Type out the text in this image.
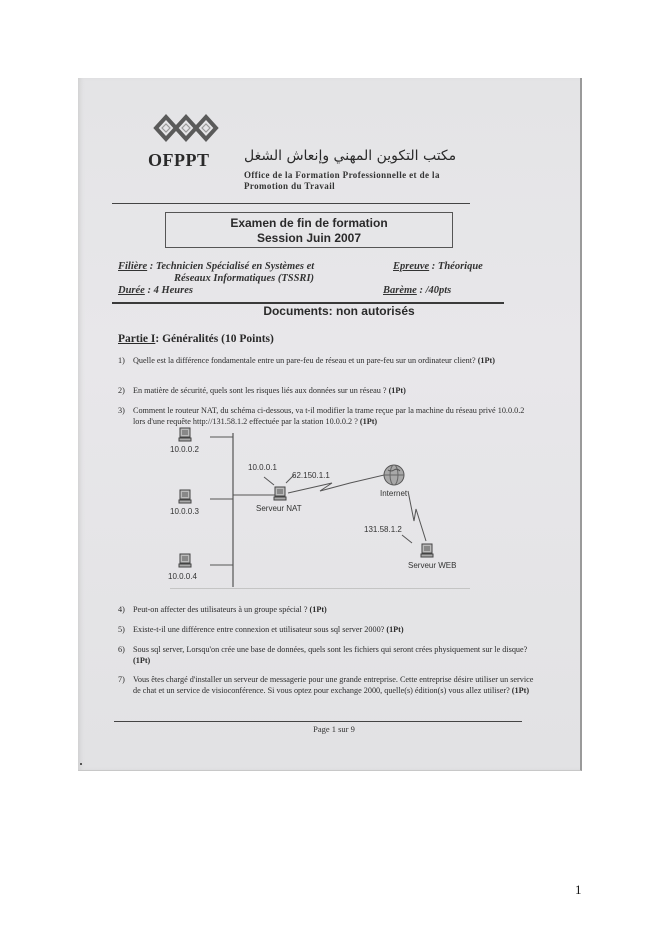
OFPPT مكتب التكوين المهني وإنعاش الشغل
Office de la Formation Professionnelle et de la
Promotion du Travail
Examen de fin de formation
Session Juin 2007
Filière : Technicien Spécialisé en Systèmes et
Réseaux Informatiques (TSSRI)
Epreuve : Théorique
Durée : 4 Heures	Barème : /40pts
Documents: non autorisés
Partie I: Généralités (10 Points)
1) Quelle est la différence fondamentale entre un pare-feu de réseau et un pare-feu sur un ordinateur client? (1Pt)
2) En matière de sécurité, quels sont les risques liés aux données sur un réseau ? (1Pt)
3) Comment le routeur NAT, du schéma ci-dessous, va t-il modifier la trame reçue par la machine du réseau privé 10.0.0.2 lors d'une requête http://131.58.1.2 effectuée par la station 10.0.0.2 ? (1Pt)
10.0.0.2
10.0.0.3
10.0.0.4
10.0.0.1
62.150.1.1
Serveur NAT
Internet
131.58.1.2
Serveur WEB
4) Peut-on affecter des utilisateurs à un groupe spécial ? (1Pt)
5) Existe-t-il une différence entre connexion et utilisateur sous sql server 2000? (1Pt)
6) Sous sql server, Lorsqu'on crée une base de données, quels sont les fichiers qui seront crées physiquement sur le disque? (1Pt)
7) Vous êtes chargé d'installer un serveur de messagerie pour une grande entreprise. Cette entreprise désire utiliser un service de chat et un service de visioconférence. Si vous optez pour exchange 2000, quelle(s) édition(s) vous allez utiliser? (1Pt)
Page 1 sur 9
1
